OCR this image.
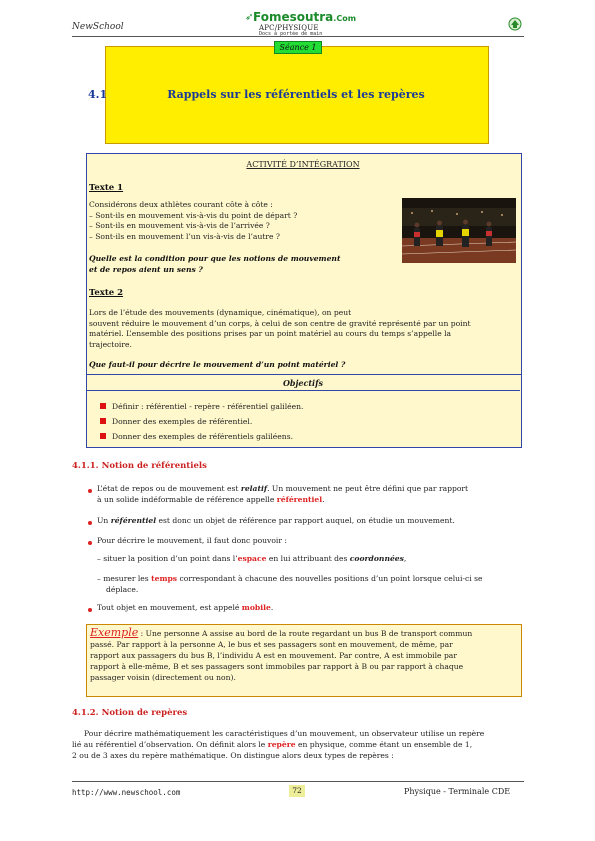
NewSchool
➶ Fomesoutra.Com
APC/PHYSIQUE
Docs à portée de main
Séance 1
4.1	Rappels sur les référentiels et les repères
ACTIVITÉ D’INTÉGRATION
Texte 1
Considérons deux athlètes courant côte à côte :
– Sont-ils en mouvement vis-à-vis du point de départ ?
– Sont-ils en mouvement vis-à-vis de l’arrivée ?
– Sont-ils en mouvement l’un vis-à-vis de l’autre ?
Quelle est la condition pour que les notions de mouvement
et de repos aient un sens ?
Texte 2
Lors de l’étude des mouvements (dynamique, cinématique), on peut
souvent réduire le mouvement d’un corps, à celui de son centre de gravité représenté par un point
matériel. L’ensemble des positions prises par un point matériel au cours du temps s’appelle la
trajectoire.
Que faut-il pour décrire le mouvement d’un point matériel ?
Objectifs
Définir : référentiel - repère - référentiel galiléen.
Donner des exemples de référentiel.
Donner des exemples de référentiels galiléens.
4.1.1. Notion de référentiels
L’état de repos ou de mouvement est relatif. Un mouvement ne peut être défini que par rapport
à un solide indéformable de référence appelle référentiel.
Un référentiel est donc un objet de référence par rapport auquel, on étudie un mouvement.
Pour décrire le mouvement, il faut donc pouvoir :
– situer la position d’un point dans l’espace en lui attribuant des coordonnées,
– mesurer les temps correspondant à chacune des nouvelles positions d’un point lorsque celui-ci se
déplace.
Tout objet en mouvement, est appelé mobile.
Exemple : Une personne A assise au bord de la route regardant un bus B de transport commun
passé. Par rapport à la personne A, le bus et ses passagers sont en mouvement, de même, par
rapport aux passagers du bus B, l’individu A est en mouvement. Par contre, A est immobile par
rapport à elle-même, B et ses passagers sont immobiles par rapport à B ou par rapport à chaque
passager voisin (directement ou non).
4.1.2. Notion de repères
Pour décrire mathématiquement les caractéristiques d’un mouvement, un observateur utilise un repère
lié au référentiel d’observation. On définit alors le repère en physique, comme étant un ensemble de 1,
2 ou de 3 axes du repère mathématique. On distingue alors deux types de repères :
http://www.newschool.com	72	Physique - Terminale CDE
